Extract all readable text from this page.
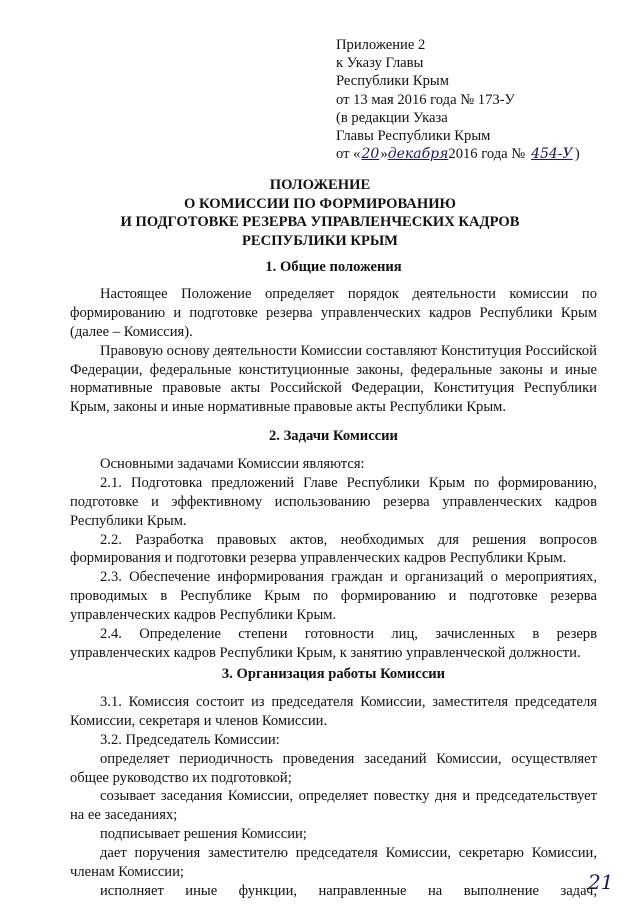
Приложение 2
к Указу Главы
Республики Крым
от 13 мая 2016 года № 173-У
(в редакции Указа
Главы Республики Крым
от «20»декабря2016 года № 454-У )
ПОЛОЖЕНИЕ
О КОМИССИИ ПО ФОРМИРОВАНИЮ
И ПОДГОТОВКЕ РЕЗЕРВА УПРАВЛЕНЧЕСКИХ КАДРОВ
РЕСПУБЛИКИ КРЫМ

1. Общие положения

Настоящее Положение определяет порядок деятельности комиссии по формированию и подготовке резерва управленческих кадров Республики Крым (далее – Комиссия).

Правовую основу деятельности Комиссии составляют Конституция Российской Федерации, федеральные конституционные законы, федеральные законы и иные нормативные правовые акты Российской Федерации, Конституция Республики Крым, законы и иные нормативные правовые акты Республики Крым.

2. Задачи Комиссии

Основными задачами Комиссии являются:

2.1. Подготовка предложений Главе Республики Крым по формированию, подготовке и эффективному использованию резерва управленческих кадров Республики Крым.

2.2. Разработка правовых актов, необходимых для решения вопросов формирования и подготовки резерва управленческих кадров Республики Крым.

2.3. Обеспечение информирования граждан и организаций о мероприятиях, проводимых в Республике Крым по формированию и подготовке резерва управленческих кадров Республики Крым.

2.4. Определение степени готовности лиц, зачисленных в резерв управленческих кадров Республики Крым, к занятию управленческой должности.

3. Организация работы Комиссии

3.1. Комиссия состоит из председателя Комиссии, заместителя председателя Комиссии, секретаря и членов Комиссии.

3.2. Председатель Комиссии:

определяет периодичность проведения заседаний Комиссии, осуществляет общее руководство их подготовкой;

созывает заседания Комиссии, определяет повестку дня и председательствует на ее заседаниях;

подписывает решения Комиссии;

дает поручения заместителю председателя Комиссии, секретарю Комиссии, членам Комиссии;

исполняет иные функции, направленные на выполнение задач,

21
